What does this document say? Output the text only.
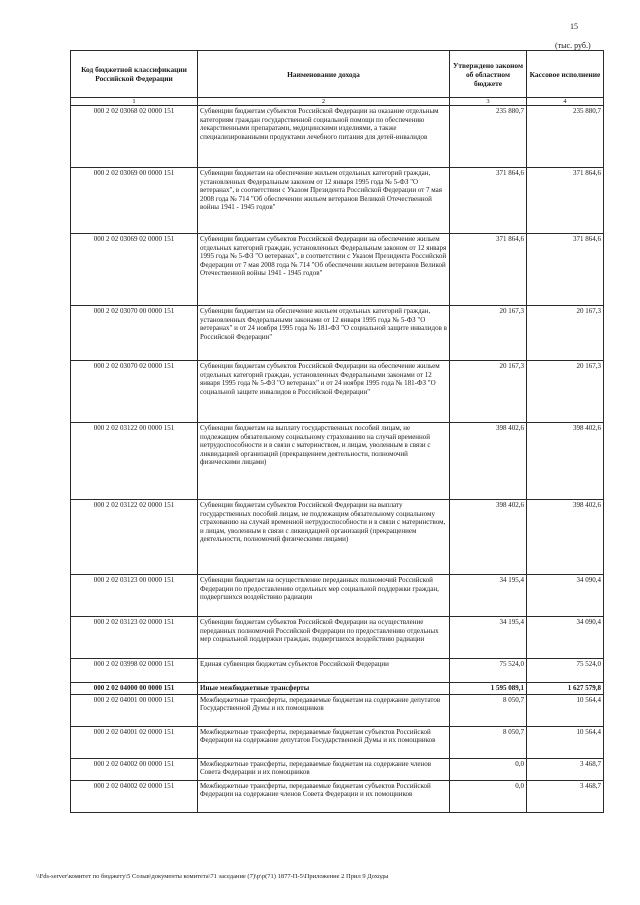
15
(тыс. руб.)
Код бюджетной классификации Российской Федерации	Наименование дохода	Утверждено законом об областном бюджете	Кассовое исполнение
1	2	3	4
000 2 02 03068 02 0000 151	Субвенции бюджетам субъектов Российской Федерации на оказание отдельным категориям граждан государственной социальной помощи по обеспечению лекарственными препаратами, медицинскими изделиями, а также специализированными продуктами лечебного питания для детей-инвалидов	235 880,7	235 880,7
000 2 02 03069 00 0000 151	Субвенции бюджетам на обеспечение жильем отдельных категорий граждан, установленных Федеральным законом от 12 января 1995 года № 5-ФЗ "О ветеранах", в соответствии с Указом Президента Российской Федерации от 7 мая 2008 года № 714 "Об обеспечении жильем ветеранов Великой Отечественной войны 1941 - 1945 годов"	371 864,6	371 864,6
000 2 02 03069 02 0000 151	Субвенции бюджетам субъектов Российской Федерации на обеспечение жильем отдельных категорий граждан, установленных Федеральным законом от 12 января 1995 года № 5-ФЗ "О ветеранах", в соответствии с Указом Президента Российской Федерации от 7 мая 2008 года № 714 "Об обеспечении жильем ветеранов Великой Отечественной войны 1941 - 1945 годов"	371 864,6	371 864,6
000 2 02 03070 00 0000 151	Субвенции бюджетам на обеспечение жильем отдельных категорий граждан, установленных Федеральными законами от 12 января 1995 года № 5-ФЗ "О ветеранах" и от 24 ноября 1995 года № 181-ФЗ "О социальной защите инвалидов в Российской Федерации"	20 167,3	20 167,3
000 2 02 03070 02 0000 151	Субвенции бюджетам субъектов Российской Федерации на обеспечение жильем отдельных категорий граждан, установленных Федеральными законами от 12 января 1995 года № 5-ФЗ "О ветеранах" и от 24 ноября 1995 года № 181-ФЗ "О социальной защите инвалидов в Российской Федерации"	20 167,3	20 167,3
000 2 02 03122 00 0000 151	Субвенции бюджетам на выплату государственных пособий лицам, не подлежащим обязательному социальному страхованию на случай временной нетрудоспособности и в связи с материнством, и лицам, уволенным в связи с ликвидацией организаций (прекращением деятельности, полномочий физическими лицами)	398 402,6	398 402,6
000 2 02 03122 02 0000 151	Субвенции бюджетам субъектов Российской Федерации на выплату государственных пособий лицам, не подлежащим обязательному социальному страхованию на случай временной нетрудоспособности и в связи с материнством, и лицам, уволенным в связи с ликвидацией организаций (прекращением деятельности, полномочий физическими лицами)	398 402,6	398 402,6
000 2 02 03123 00 0000 151	Субвенции бюджетам на осуществление переданных полномочий Российской Федерации по предоставлению отдельных мер социальной поддержки граждан, подвергшихся воздействию радиации	34 195,4	34 090,4
000 2 02 03123 02 0000 151	Субвенции бюджетам субъектов Российской Федерации на осуществление переданных полномочий Российской Федерации по предоставлению отдельных мер социальной поддержки граждан, подвергшихся воздействию радиации	34 195,4	34 090,4
000 2 02 03998 02 0000 151	Единая субвенция бюджетам субъектов Российской Федерации	75 524,0	75 524,0
000 2 02 04000 00 0000 151	Иные межбюджетные трансферты	1 595 089,1	1 627 579,8
000 2 02 04001 00 0000 151	Межбюджетные трансферты, передаваемые бюджетам на содержание депутатов Государственной Думы и их помощников	8 050,7	10 564,4
000 2 02 04001 02 0000 151	Межбюджетные трансферты, передаваемые бюджетам субъектов Российской Федерации на содержание депутатов Государственной Думы и их помощников	8 050,7	10 564,4
000 2 02 04002 00 0000 151	Межбюджетные трансферты, передаваемые бюджетам на содержание членов Совета Федерации и их помощников	0,0	3 468,7
000 2 02 04002 02 0000 151	Межбюджетные трансферты, передаваемые бюджетам субъектов Российской Федерации на содержание членов Совета Федерации и их помощников	0,0	3 468,7
\\Fds-server\комитет по бюджету\5 Созыв\документы комитета\71 заседание (7)\р\р(71) 1877-П-5\Приложение 2 Прил 9 Доходы
